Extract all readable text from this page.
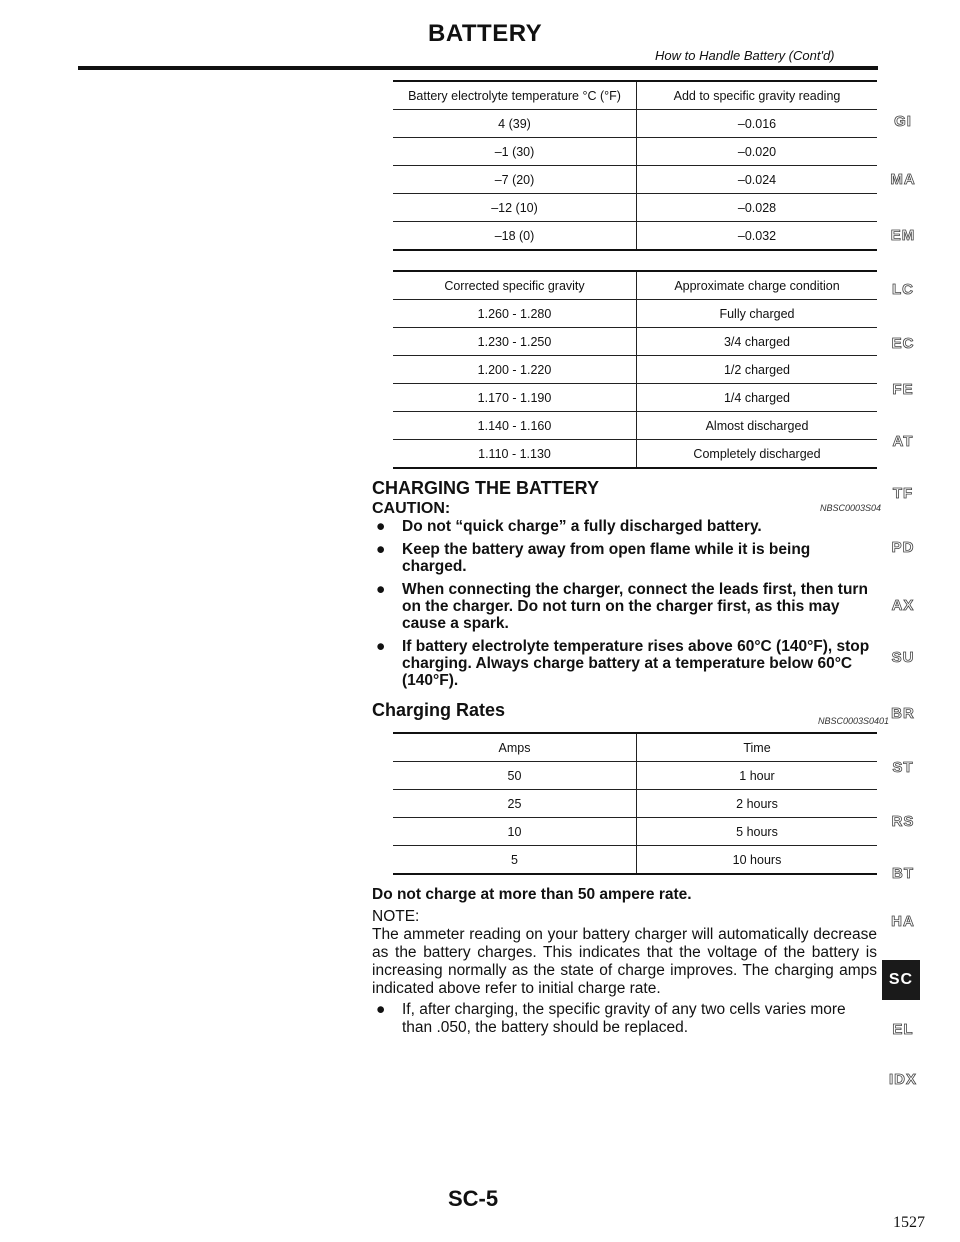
BATTERY
How to Handle Battery (Cont'd)
Battery electrolyte temperature °C (°F)	Add to specific gravity reading
4 (39)	–0.016
–1 (30)	–0.020
–7 (20)	–0.024
–12 (10)	–0.028
–18 (0)	–0.032
Corrected specific gravity	Approximate charge condition
1.260 - 1.280	Fully charged
1.230 - 1.250	3/4 charged
1.200 - 1.220	1/2 charged
1.170 - 1.190	1/4 charged
1.140 - 1.160	Almost discharged
1.110 - 1.130	Completely discharged
CHARGING THE BATTERY
NBSC0003S04
CAUTION:
● Do not “quick charge” a fully discharged battery.
● Keep the battery away from open flame while it is being charged.
● When connecting the charger, connect the leads first, then turn on the charger. Do not turn on the charger first, as this may cause a spark.
● If battery electrolyte temperature rises above 60°C (140°F), stop charging. Always charge battery at a temperature below 60°C (140°F).
Charging Rates
NBSC0003S0401
Amps	Time
50	1 hour
25	2 hours
10	5 hours
5	10 hours
Do not charge at more than 50 ampere rate.
NOTE:
The ammeter reading on your battery charger will automatically decrease as the battery charges. This indicates that the voltage of the battery is increasing normally as the state of charge improves. The charging amps indicated above refer to initial charge rate.
●	If, after charging, the specific gravity of any two cells varies more than .050, the battery should be replaced.
GI
MA
EM
LC
EC
FE
AT
TF
PD
AX
SU
BR
ST
RS
BT
HA
SC
EL
IDX
SC-5
1527
